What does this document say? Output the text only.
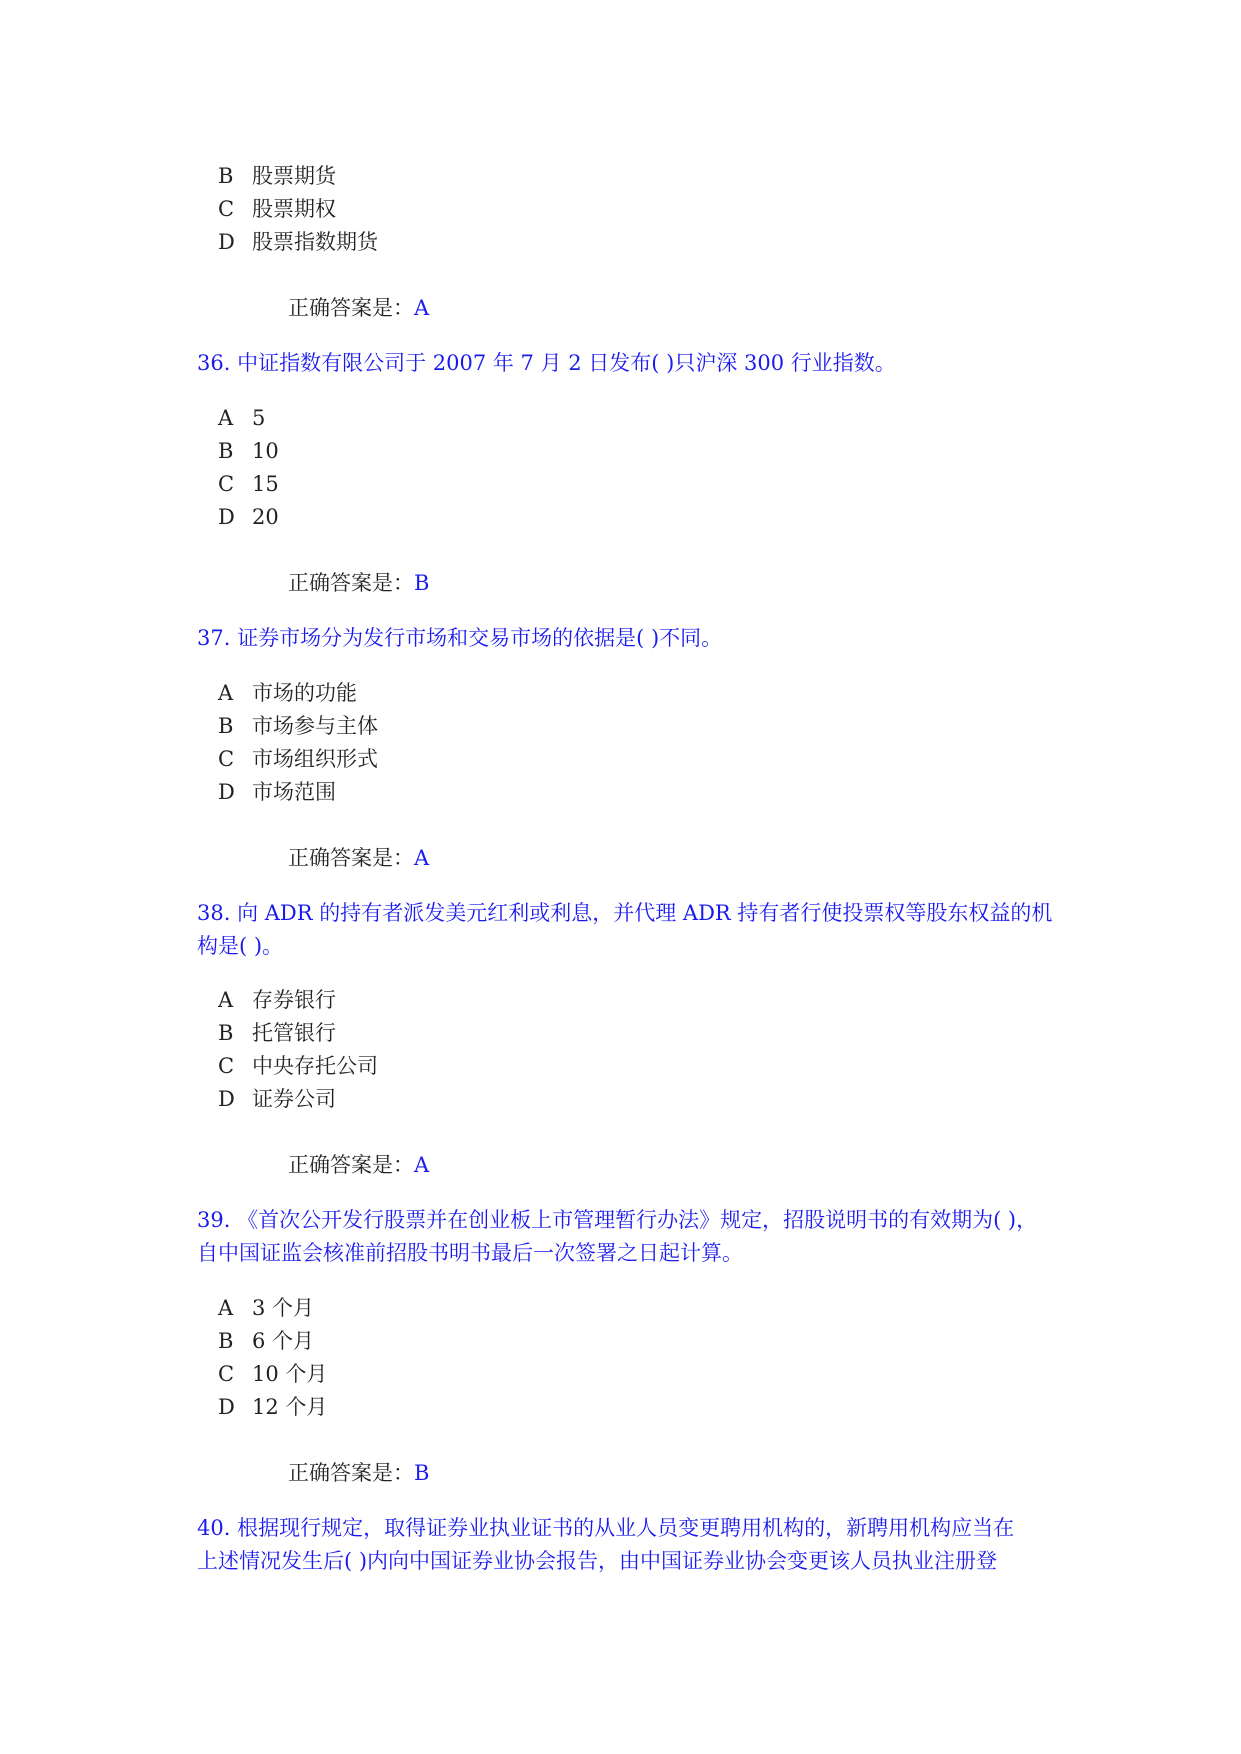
B 股票期货
C 股票期权
D 股票指数期货
正确答案是：A
36. 中证指数有限公司于 2007 年 7 月 2 日发布( )只沪深 300 行业指数。
A 5
B 10
C 15
D 20
正确答案是：B
37. 证券市场分为发行市场和交易市场的依据是( )不同。
A 市场的功能
B 市场参与主体
C 市场组织形式
D 市场范围
正确答案是：A
38. 向 ADR 的持有者派发美元红利或利息，并代理 ADR 持有者行使投票权等股东权益的机
构是( )。
A 存券银行
B 托管银行
C 中央存托公司
D 证券公司
正确答案是：A
39. 《首次公开发行股票并在创业板上市管理暂行办法》规定，招股说明书的有效期为( )，
自中国证监会核准前招股书明书最后一次签署之日起计算。
A 3 个月
B 6 个月
C 10 个月
D 12 个月
正确答案是：B
40. 根据现行规定，取得证券业执业证书的从业人员变更聘用机构的，新聘用机构应当在
上述情况发生后( )内向中国证券业协会报告，由中国证券业协会变更该人员执业注册登
